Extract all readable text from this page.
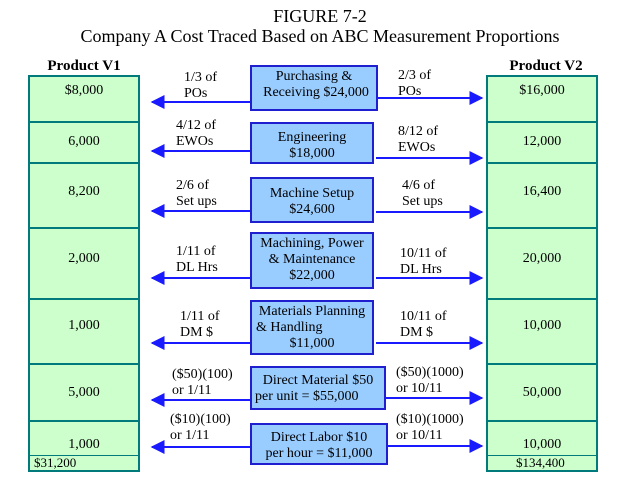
FIGURE 7-2
Company A Cost Traced Based on ABC Measurement Proportions
Product V1	Product V2
$8,000
6,000
8,200
2,000
1,000
5,000
1,000
$31,200
$16,000
12,000
16,400
20,000
10,000
50,000
10,000
$134,400
Purchasing &
Receiving $24,000
Engineering
$18,000
Machine Setup
$24,600
Machining, Power
& Maintenance
$22,000
Materials Planning
& Handling
$11,000
Direct Material $50
per unit = $55,000
Direct Labor $10
per hour = $11,000
1/3 of
POs
4/12 of
EWOs
2/6 of
Set ups
1/11 of
DL Hrs
1/11 of
DM $
($50)(100)
or 1/11
($10)(100)
or 1/11
2/3 of
POs
8/12 of
EWOs
4/6 of
Set ups
10/11 of
DL Hrs
10/11 of
DM $
($50)(1000)
or 10/11
($10)(1000)
or 10/11
